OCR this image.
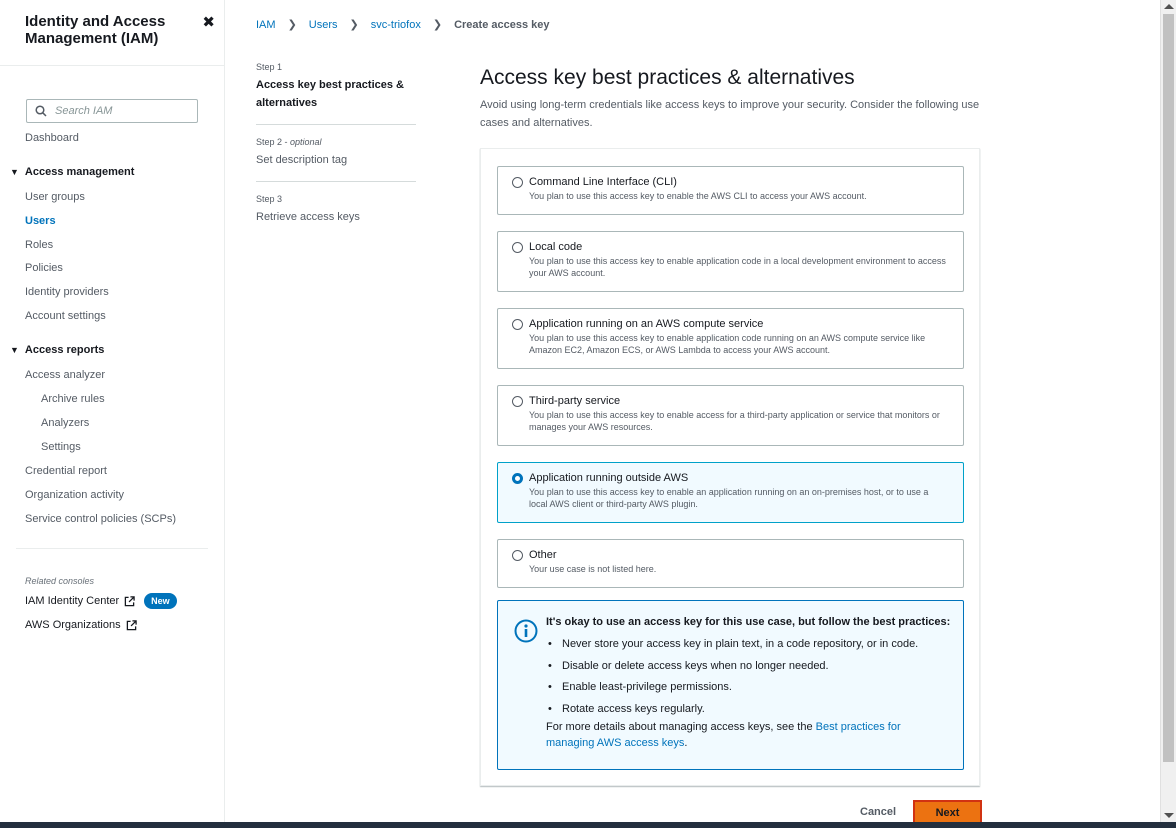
Identity and Access Management (IAM)
✖
Search IAM
Dashboard
▼ Access management
User groups
Users
Roles
Policies
Identity providers
Account settings
▼ Access reports
Access analyzer
Archive rules
Analyzers
Settings
Credential report
Organization activity
Service control policies (SCPs)
Related consoles
IAM Identity Center	New
AWS Organizations
IAM ❯ Users ❯ svc-triofox ❯ Create access key
Step 1
Access key best practices & alternatives
Step 2 - optional
Set description tag
Step 3
Retrieve access keys
Access key best practices & alternatives

Avoid using long-term credentials like access keys to improve your security. Consider the following use cases and alternatives.

Command Line Interface (CLI)
You plan to use this access key to enable the AWS CLI to access your AWS account.
Local code
You plan to use this access key to enable application code in a local development environment to access your AWS account.
Application running on an AWS compute service
You plan to use this access key to enable application code running on an AWS compute service like Amazon EC2, Amazon ECS, or AWS Lambda to access your AWS account.
Third-party service
You plan to use this access key to enable access for a third-party application or service that monitors or manages your AWS resources.
Application running outside AWS
You plan to use this access key to enable an application running on an on-premises host, or to use a local AWS client or third-party AWS plugin.
Other
Your use case is not listed here.
It's okay to use an access key for this use case, but follow the best practices:
• Never store your access key in plain text, in a code repository, or in code.
• Disable or delete access keys when no longer needed.
• Enable least-privilege permissions.
• Rotate access keys regularly.
For more details about managing access keys, see the Best practices for managing AWS access keys.
Cancel	Next
